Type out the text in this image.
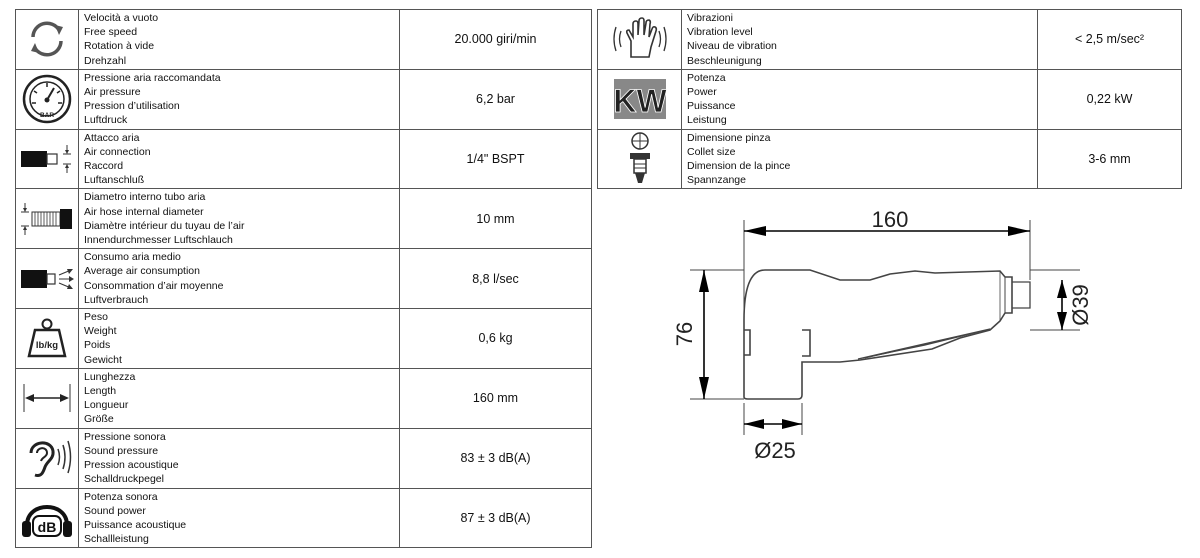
Velocità a vuoto
Free speed
Rotation à vide
Drehzahl	20.000 giri/min

BAR	Pressione aria raccomandata
Air pressure
Pression d’utilisation
Luftdruck	6,2 bar

Attacco aria
Air connection
Raccord
Luftanschluß	1/4" BSPT

Diametro interno tubo aria
Air hose internal diameter
Diamètre intérieur du tuyau de l’air
Innendurchmesser Luftschlauch	10 mm

Consumo aria medio
Average air consumption
Consommation d’air moyenne
Luftverbrauch	8,8 l/sec

lb/kg	Peso
Weight
Poids
Gewicht	0,6 kg

Lunghezza
Length
Longueur
Größe	160 mm

Pressione sonora
Sound pressure
Pression acoustique
Schalldruckpegel	83 ± 3 dB(A)

dB	Potenza sonora
Sound power
Puissance acoustique
Schallleistung	87 ± 3 dB(A)

Vibrazioni
Vibration level
Niveau de vibration
Beschleunigung	< 2,5 m/sec²

KW	Potenza
Power
Puissance
Leistung	0,22 kW

Dimensione pinza
Collet size
Dimension de la pince
Spannzange	3-6 mm
160
76
Ø39
Ø25
